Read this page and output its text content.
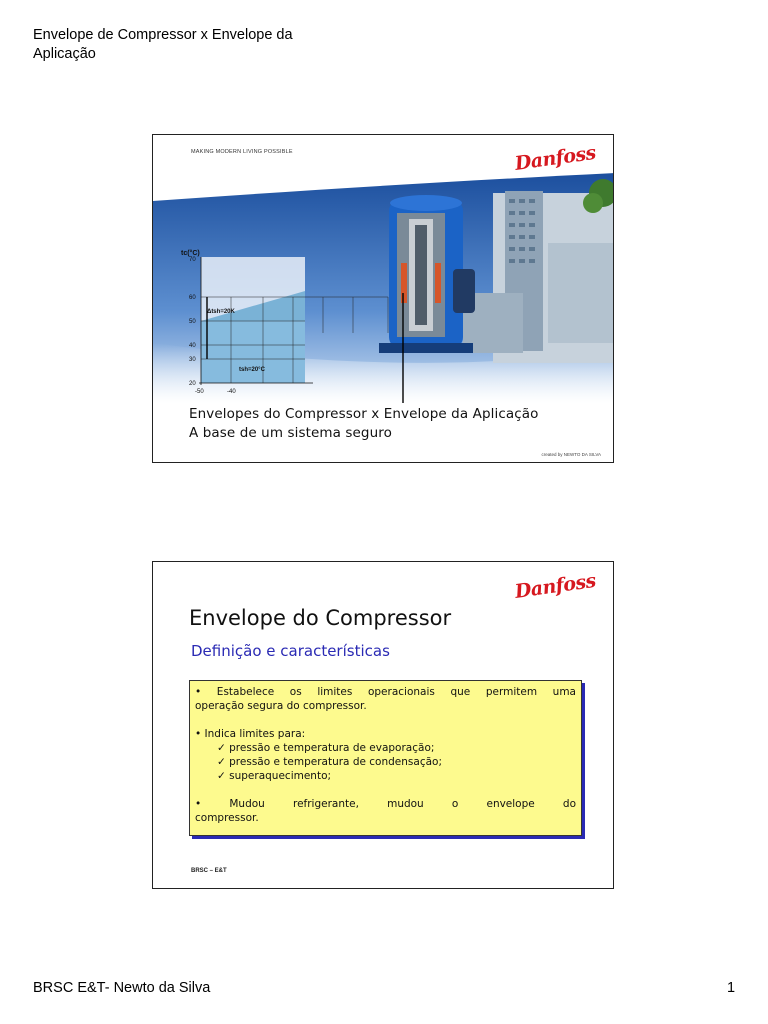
Envelope de Compressor x Envelope da Aplicação
MAKING MODERN LIVING POSSIBLE	Danfoss
tc(°C)
70
60
50
40
30
20
-50	-40
Δtsh=20K
tsh=20°C
Envelopes do Compressor x Envelope da Aplicação
A base de um sistema seguro
created by NEWTO DA SILVA
Danfoss
Envelope do Compressor
Definição e características

• Estabelece os limites operacionais que permitem uma

operação segura do compressor.

• Indica limites para:

✓ pressão e temperatura de evaporação;

✓ pressão e temperatura de condensação;

✓ superaquecimento;

• Mudou refrigerante, mudou o envelope do

compressor.

BRSC – E&T
BRSC E&T- Newto da Silva	1
